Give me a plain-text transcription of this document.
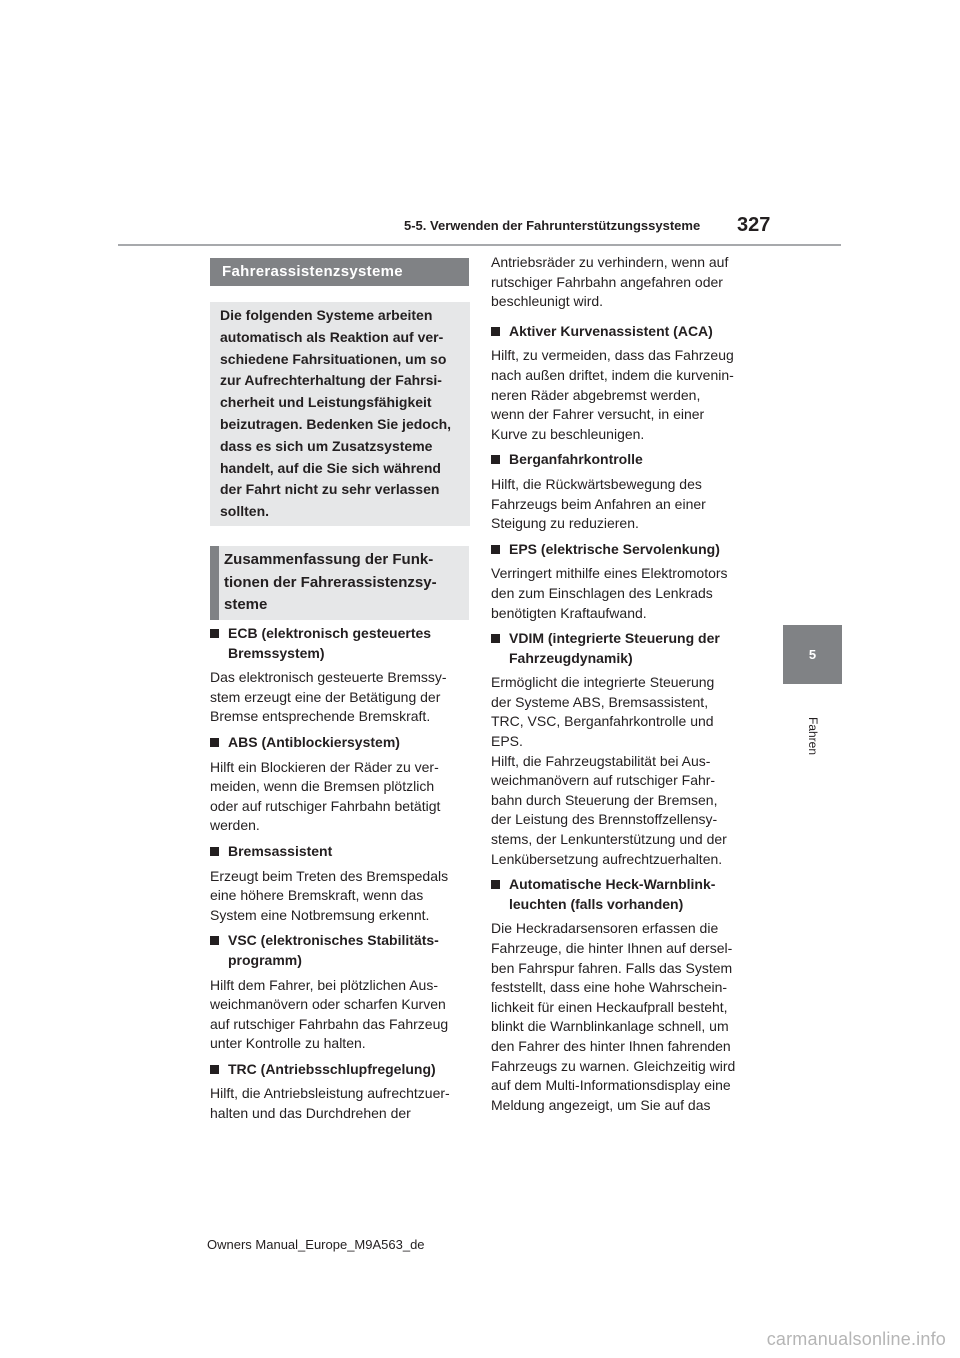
5-5. Verwenden der Fahrunterstützungssysteme 327
5
Fahren
Fahrerassistenzsysteme
Die folgenden Systeme arbeiten
automatisch als Reaktion auf ver-
schiedene Fahrsituationen, um so
zur Aufrechterhaltung der Fahrsi-
cherheit und Leistungsfähigkeit
beizutragen. Bedenken Sie jedoch,
dass es sich um Zusatzsysteme
handelt, auf die Sie sich während
der Fahrt nicht zu sehr verlassen
sollten.
Zusammenfassung der Funk-
tionen der Fahrerassistenzsy-
steme
ECB (elektronisch gesteuertes
Bremssystem)

Das elektronisch gesteuerte Bremssy-
stem erzeugt eine der Betätigung der
Bremse entsprechende Bremskraft.

ABS (Antiblockiersystem)

Hilft ein Blockieren der Räder zu ver-
meiden, wenn die Bremsen plötzlich
oder auf rutschiger Fahrbahn betätigt
werden.

Bremsassistent

Erzeugt beim Treten des Bremspedals
eine höhere Bremskraft, wenn das
System eine Notbremsung erkennt.

VSC (elektronisches Stabilitäts-
programm)

Hilft dem Fahrer, bei plötzlichen Aus-
weichmanövern oder scharfen Kurven
auf rutschiger Fahrbahn das Fahrzeug
unter Kontrolle zu halten.

TRC (Antriebsschlupfregelung)

Hilft, die Antriebsleistung aufrechtzuer-
halten und das Durchdrehen der

Antriebsräder zu verhindern, wenn auf
rutschiger Fahrbahn angefahren oder
beschleunigt wird.

Aktiver Kurvenassistent (ACA)

Hilft, zu vermeiden, dass das Fahrzeug
nach außen driftet, indem die kurvenin-
neren Räder abgebremst werden,
wenn der Fahrer versucht, in einer
Kurve zu beschleunigen.

Berganfahrkontrolle

Hilft, die Rückwärtsbewegung des
Fahrzeugs beim Anfahren an einer
Steigung zu reduzieren.

EPS (elektrische Servolenkung)

Verringert mithilfe eines Elektromotors
den zum Einschlagen des Lenkrads
benötigten Kraftaufwand.

VDIM (integrierte Steuerung der
Fahrzeugdynamik)

Ermöglicht die integrierte Steuerung
der Systeme ABS, Bremsassistent,
TRC, VSC, Berganfahrkontrolle und
EPS.
Hilft, die Fahrzeugstabilität bei Aus-
weichmanövern auf rutschiger Fahr-
bahn durch Steuerung der Bremsen,
der Leistung des Brennstoffzellensy-
stems, der Lenkunterstützung und der
Lenkübersetzung aufrechtzuerhalten.

Automatische Heck-Warnblink-
leuchten (falls vorhanden)

Die Heckradarsensoren erfassen die
Fahrzeuge, die hinter Ihnen auf dersel-
ben Fahrspur fahren. Falls das System
feststellt, dass eine hohe Wahrschein-
lichkeit für einen Heckaufprall besteht,
blinkt die Warnblinkanlage schnell, um
den Fahrer des hinter Ihnen fahrenden
Fahrzeugs zu warnen. Gleichzeitig wird
auf dem Multi-Informationsdisplay eine
Meldung angezeigt, um Sie auf das

Owners Manual_Europe_M9A563_de
carmanualsonline.info
